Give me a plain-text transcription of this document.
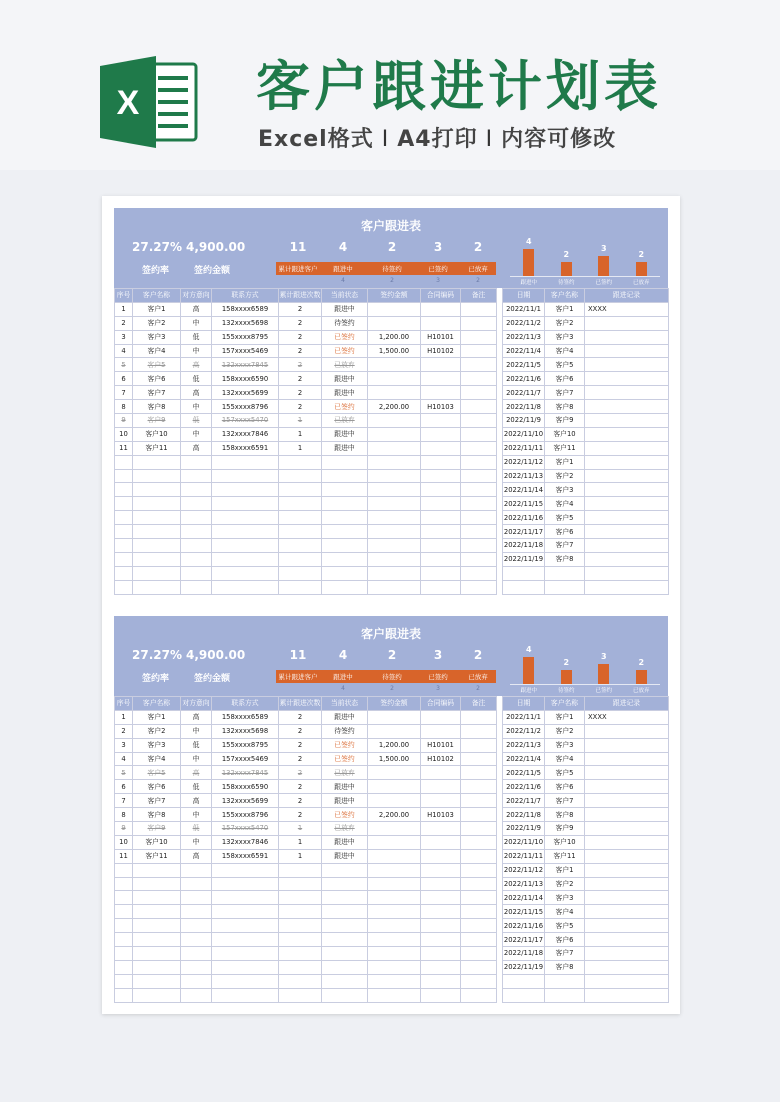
X 客户跟进计划表
Excel格式 I A4打印 I 内容可修改
客户跟进表
27.27% 4,900.00
签约率	签约金额
11	4	2	3	2
累计跟进客户	跟进中	待签约	已签约	已放弃
4	2	3	2
4
跟进中
2
待签约
3
已签约
2
已放弃
序号	客户名称	对方意向	联系方式	累计跟进次数	当前状态	签约金额	合同编码	备注
1	客户1	高	158xxxx6589	2	跟进中			
2	客户2	中	132xxxx5698	2	待签约			
3	客户3	低	155xxxx8795	2	已签约	1,200.00	H10101	
4	客户4	中	157xxxx5469	2	已签约	1,500.00	H10102	
5	客户5	高	132xxxx7845	2	已放弃			
6	客户6	低	158xxxx6590	2	跟进中			
7	客户7	高	132xxxx5699	2	跟进中			
8	客户8	中	155xxxx8796	2	已签约	2,200.00	H10103	
9	客户9	低	157xxxx5470	1	已放弃			
10	客户10	中	132xxxx7846	1	跟进中			
11	客户11	高	158xxxx6591	1	跟进中			

日期	客户名称	跟进记录
2022/11/1	客户1	XXXX
2022/11/2	客户2	
2022/11/3	客户3	
2022/11/4	客户4	
2022/11/5	客户5	
2022/11/6	客户6	
2022/11/7	客户7	
2022/11/8	客户8	
2022/11/9	客户9	
2022/11/10	客户10	
2022/11/11	客户11	
2022/11/12	客户1	
2022/11/13	客户2	
2022/11/14	客户3	
2022/11/15	客户4	
2022/11/16	客户5	
2022/11/17	客户6	
2022/11/18	客户7	
2022/11/19	客户8	

客户跟进表
27.27% 4,900.00
签约率	签约金额
11	4	2	3	2
累计跟进客户	跟进中	待签约	已签约	已放弃
4	2	3	2
4
跟进中
2
待签约
3
已签约
2
已放弃
序号	客户名称	对方意向	联系方式	累计跟进次数	当前状态	签约金额	合同编码	备注
1	客户1	高	158xxxx6589	2	跟进中			
2	客户2	中	132xxxx5698	2	待签约			
3	客户3	低	155xxxx8795	2	已签约	1,200.00	H10101	
4	客户4	中	157xxxx5469	2	已签约	1,500.00	H10102	
5	客户5	高	132xxxx7845	2	已放弃			
6	客户6	低	158xxxx6590	2	跟进中			
7	客户7	高	132xxxx5699	2	跟进中			
8	客户8	中	155xxxx8796	2	已签约	2,200.00	H10103	
9	客户9	低	157xxxx5470	1	已放弃			
10	客户10	中	132xxxx7846	1	跟进中			
11	客户11	高	158xxxx6591	1	跟进中			

日期	客户名称	跟进记录
2022/11/1	客户1	XXXX
2022/11/2	客户2	
2022/11/3	客户3	
2022/11/4	客户4	
2022/11/5	客户5	
2022/11/6	客户6	
2022/11/7	客户7	
2022/11/8	客户8	
2022/11/9	客户9	
2022/11/10	客户10	
2022/11/11	客户11	
2022/11/12	客户1	
2022/11/13	客户2	
2022/11/14	客户3	
2022/11/15	客户4	
2022/11/16	客户5	
2022/11/17	客户6	
2022/11/18	客户7	
2022/11/19	客户8	
